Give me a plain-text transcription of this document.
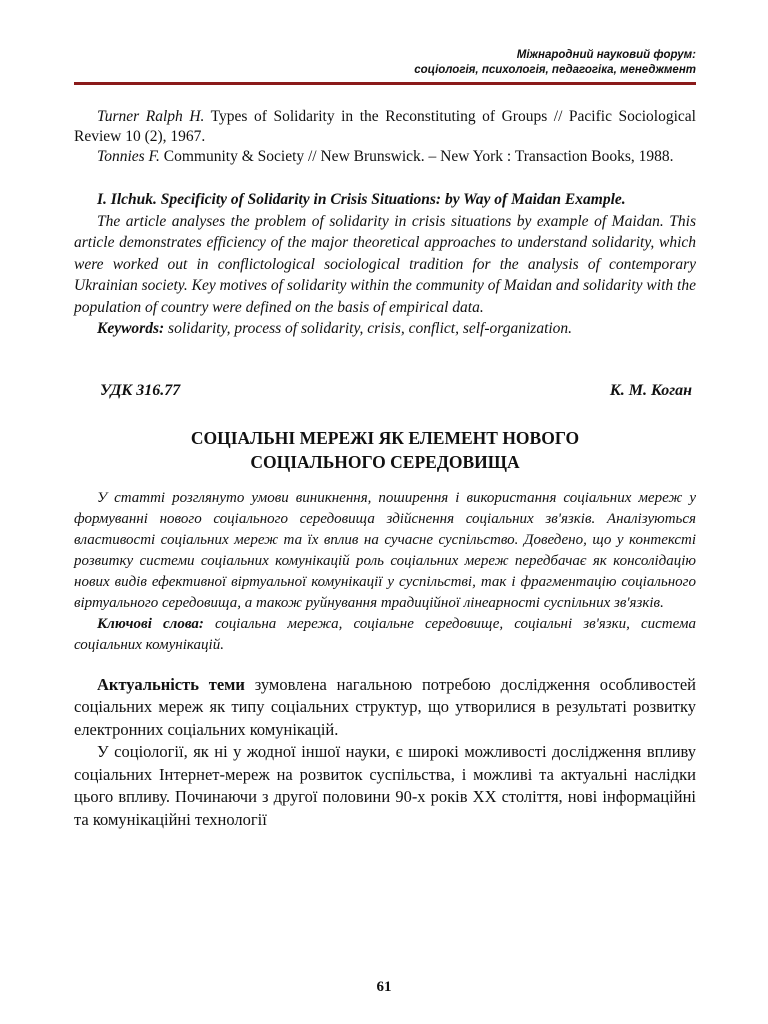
Міжнародний науковий форум:
соціологія, психологія, педагогіка, менеджмент

Turner Ralph H. Types of Solidarity in the Reconstituting of Groups // Pacific Sociological Review 10 (2), 1967.

Tonnies F. Community & Society // New Brunswick. – New York : Transaction Books, 1988.

I. Ilchuk. Specificity of Solidarity in Crisis Situations: by Way of Maidan Example.

The article analyses the problem of solidarity in crisis situations by example of Maidan. This article demonstrates efficiency of the major theoretical approaches to understand solidarity, which were worked out in conflictological sociological tradition for the analysis of contemporary Ukrainian society. Key motives of solidarity within the community of Maidan and solidarity with the population of country were defined on the basis of empirical data.

Keywords: solidarity, process of solidarity, crisis, conflict, self-organization.

УДК 316.77	К. М. Коган
СОЦІАЛЬНІ МЕРЕЖІ ЯК ЕЛЕМЕНТ НОВОГО
СОЦІАЛЬНОГО СЕРЕДОВИЩА

У статті розглянуто умови виникнення, поширення і використання соціальних мереж у формуванні нового соціального середовища здійснення соціальних зв'язків. Аналізуються властивості соціальних мереж та їх вплив на сучасне суспільство. Доведено, що у контексті розвитку системи соціальних комунікацій роль соціальних мереж передбачає як консолідацію нових видів ефективної віртуальної комунікації у суспільстві, так і фрагментацію соціального віртуального середовища, а також руйнування традиційної лінеарності суспільних зв'язків.

Ключові слова: соціальна мережа, соціальне середовище, соціальні зв'язки, система соціальних комунікацій.

Актуальність теми зумовлена нагальною потребою дослідження особливостей соціальних мереж як типу соціальних структур, що утворилися в результаті розвитку електронних соціальних комунікацій.

У соціології, як ні у жодної іншої науки, є широкі можливості дослідження впливу соціальних Інтернет-мереж на розвиток суспільства, і можливі та актуальні наслідки цього впливу. Починаючи з другої половини 90-х років ХХ століття, нові інформаційні та комунікаційні технології

61
